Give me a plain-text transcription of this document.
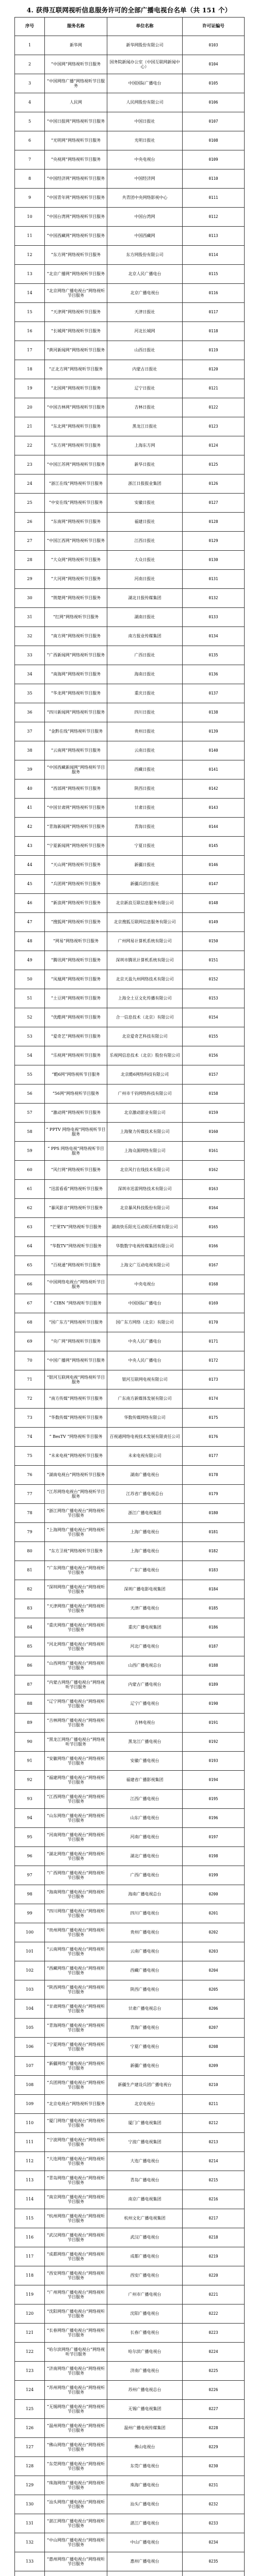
4. 获得互联网视听信息服务许可的全部广播电视台名单（共 151 个）
序号	服务名称	单位名称	许可证编号
1	新华网	新华网股份有限公司	0103
2	“中国网”网络视听节目服务	国务院新闻办公室（中国互联网新闻中心）	0104
3	“中国网络广播”网络视听节目服务	中国国际广播电台	0105
4	人民网	人民网股份有限公司	0106
5	“中国日报网”网络视听节目服务	中国日报社	0107
6	“光明网”网络视听节目服务	光明日报社	0108
7	“央视网”网络视听节目服务	中央电视台	0109
8	“中国经济网”网络视听节目服务	中国经济网	0110
9	“中国青年网”网络视听节目服务	共青团中央网络影视中心	0111
10	“中国台湾网”网络视听节目服务	中国台湾网	0112
11	“中国西藏网”网络视听节目服务	中国西藏网	0113
12	“东方网”网络视听节目服务	东方网股份有限公司	0114
13	“北京广播网”网络视听节目服务	北京人民广播电台	0115
14	“北京网络广播电视台”网络视听节目服务	北京广播电视台	0116
15	“天津网”网络视听节目服务	天津日报社	0117
16	“长城网”网络视听节目服务	河北长城网	0118
17	“黄河新闻网”网络视听节目服务	山西日报社	0119
18	“正北方网”网络视听节目服务	内蒙古日报社	0120
19	“北国网”网络视听节目服务	辽宁日报社	0121
20	“中国吉林网”网络视听节目服务	吉林日报社	0122
21	“东北网”网络视听节目服务	黑龙江日报社	0123
22	“东方网”网络视听节目服务	上海东方网	0124
23	“中国江苏网”网络视听节目服务	新华日报社	0125
24	“浙江在线”网络视听节目服务	浙江日报报业集团	0126
25	“中安在线”网络视听节目服务	安徽日报社	0127
26	“东南网”网络视听节目服务	福建日报社	0128
27	“中国江西网”网络视听节目服务	江西日报社	0129
28	“大众网”网络视听节目服务	大众日报社	0130
29	“大河网”网络视听节目服务	河南日报社	0131
30	“荆楚网”网络视听节目服务	湖北日报传媒集团	0132
31	“红网”网络视听节目服务	湖南日报社	0133
32	“南方网”网络视听节目服务	南方报业传媒集团	0134
33	“广西新闻网”网络视听节目服务	广西日报社	0135
34	“南海网”网络视听节目服务	海南日报社	0136
35	“华龙网”网络视听节目服务	重庆日报社	0137
36	“四川新闻网”网络视听节目服务	四川日报社	0138
37	“金黔在线”网络视听节目服务	贵州日报社	0139
38	“云南网”网络视听节目服务	云南日报社	0140
39	“中国西藏新闻网”网络视听节目服务	西藏日报社	0141
40	“西部网”网络视听节目服务	陕西日报社	0142
41	“中国甘肃网”网络视听节目服务	甘肃日报社	0143
42	“青海新闻网”网络视听节目服务	青海日报社	0144
43	“宁夏新闻网”网络视听节目服务	宁夏日报社	0145
44	“天山网”网络视听节目服务	新疆日报社	0146
45	“兵团网”网络视听节目服务	新疆兵团日报社	0147
46	“新浪网”网络视听节目服务	北京新浪互联信息服务有限公司	0148
47	“搜狐网”网络视听节目服务	北京搜狐互联网信息服务有限公司	0149
48	“网易”网络视听节目服务	广州网易计算机系统有限公司	0150
49	“腾讯网”网络视听节目服务	深圳市腾讯计算机系统有限公司	0151
50	“凤凰网”网络视听节目服务	北京天盈九州网络技术有限公司	0152
51	“土豆网”网络视听节目服务	上海全土豆文化传播有限公司	0153
52	“优酷网”网络视听节目服务	合一信息技术（北京）有限公司	0154
53	“爱奇艺”网络视听节目服务	北京爱奇艺科技有限公司	0155
54	“乐视网”网络视听节目服务	乐视网信息技术（北京）股份有限公司	0156
55	“酷6网”网络视听节目服务	北京酷6网络科技有限公司	0157
56	“56网”网络视听节目服务	广州市千钧网络科技有限公司	0158
57	“激动网”网络视听节目服务	北京激动影业有限公司	0159
58	“ PPTV 网络电视”网络视听节目服务	上海聚力传媒技术有限公司	0160
59	“ PPS 网络电视”网络视听节目服务	上海众源网络有限公司	0161
60	“风行网”网络视听节目服务	北京风行在线技术有限公司	0162
61	“迅雷看看”网络视听节目服务	深圳市迅雷网络技术有限公司	0163
62	“暴风影音”网络视听节目服务	北京暴风科技股份有限公司	0164
63	“芒果TV”网络视听节目服务	湖南快乐阳光互动娱乐传媒有限公司	0165
64	“华数TV”网络视听节目服务	华数数字电视传媒集团有限公司	0166
65	“百视通”网络视听节目服务	上海文广互动电视有限公司	0167
66	“中国网络电视台”网络视听节目服务	中央电视台	0168
67	“ CIBN ”网络视听节目服务	中国国际广播电台	0169
68	“国广东方”网络视听节目服务	国广东方网络（北京）有限公司	0170
69	“央广网”网络视听节目服务	中央人民广播电台	0171
70	“中国广播网”网络视听节目服务	中央人民广播电台	0172
71	“银河互联网电视”网络视听节目服务	银河互联网电视有限公司	0173
72	“南方传媒”网络视听节目服务	广东南方新媒体发展有限公司	0174
73	“华数传媒”网络视听节目服务	华数传媒网络有限公司	0175
74	“ BesTV ”网络视听节目服务	百视通网络电视技术发展有限责任公司	0176
75	“未来电视”网络视听节目服务	未来电视有限公司	0177
76	“湖南电视台”网络视听节目服务	湖南广播电视台	0178
77	“江苏网络电视台”网络视听节目服务	江苏省广播电视总台	0179
78	“浙江网络广播电视台”网络视听节目服务	浙江广播电视集团	0180
79	“上海网络广播电视台”网络视听节目服务	上海广播电视台	0181
80	“东方卫视”网络视听节目服务	上海广播电视台	0182
81	“广东网络广播电视台”网络视听节目服务	广东广播电视台	0183
82	“深圳网络广播电视台”网络视听节目服务	深圳广播电影电视集团	0184
83	“天津网络广播电视台”网络视听节目服务	天津广播电视台	0185
84	“重庆网络广播电视台”网络视听节目服务	重庆广播电视集团	0186
85	“河北网络广播电视台”网络视听节目服务	河北广播电视台	0187
86	“山西网络广播电视台”网络视听节目服务	山西广播电视总台	0188
87	“内蒙古网络广播电视台”网络视听节目服务	内蒙古广播电视台	0189
88	“辽宁网络广播电视台”网络视听节目服务	辽宁广播电视台	0190
89	“吉林网络广播电视台”网络视听节目服务	吉林电视台	0191
90	“黑龙江网络广播电视台”网络视听节目服务	黑龙江广播电视台	0192
91	“安徽网络广播电视台”网络视听节目服务	安徽广播电视台	0193
92	“福建网络广播电视台”网络视听节目服务	福建省广播影视集团	0194
93	“江西网络广播电视台”网络视听节目服务	江西广播电视台	0195
94	“山东网络广播电视台”网络视听节目服务	山东广播电视台	0196
95	“河南网络广播电视台”网络视听节目服务	河南广播电视台	0197
96	“湖北网络广播电视台”网络视听节目服务	湖北广播电视台	0198
97	“广西网络广播电视台”网络视听节目服务	广西广播电视台	0199
98	“海南网络广播电视台”网络视听节目服务	海南广播电视总台	0200
99	“四川网络广播电视台”网络视听节目服务	四川广播电视台	0201
100	“贵州网络广播电视台”网络视听节目服务	贵州广播电视台	0202
101	“云南网络广播电视台”网络视听节目服务	云南广播电视台	0203
102	“西藏网络广播电视台”网络视听节目服务	西藏广播电视台	0204
103	“陕西网络广播电视台”网络视听节目服务	陕西广播电视台	0205
104	“甘肃网络广播电视台”网络视听节目服务	甘肃广播电视总台	0206
105	“青海网络广播电视台”网络视听节目服务	青海广播电视台	0207
106	“宁夏网络广播电视台”网络视听节目服务	宁夏广播电视台	0208
107	“新疆网络广播电视台”网络视听节目服务	新疆广播电视台	0209
108	“兵团网络广播电视台”网络视听节目服务	新疆生产建设兵团广播电视台	0210
109	“北京电视台”网络视听节目服务	北京电视台	0211
110	“厦门网络广播电视台”网络视听节目服务	厦门广播电视集团	0212
111	“宁波网络广播电视台”网络视听节目服务	宁波广播电视集团	0213
112	“大连网络广播电视台”网络视听节目服务	大连广播电视台	0214
113	“青岛网络广播电视台”网络视听节目服务	青岛广播电视台	0215
114	“南京网络广播电视台”网络视听节目服务	南京广播电视集团	0216
115	“杭州网络广播电视台”网络视听节目服务	杭州文化广播电视集团	0217
116	“武汉网络广播电视台”网络视听节目服务	武汉广播电视台	0218
117	“成都网络广播电视台”网络视听节目服务	成都广播电视台	0219
118	“西安网络广播电视台”网络视听节目服务	西安广播电视台	0220
119	“广州网络广播电视台”网络视听节目服务	广州市广播电视台	0221
120	“沈阳网络广播电视台”网络视听节目服务	沈阳广播电视台	0222
121	“长春网络广播电视台”网络视听节目服务	长春广播电视台	0223
122	“哈尔滨网络广播电视台”网络视听节目服务	哈尔滨广播电视台	0224
123	“济南网络广播电视台”网络视听节目服务	济南广播电视台	0225
124	“苏州网络广播电视台”网络视听节目服务	苏州广播电视总台	0226
125	“无锡网络广播电视台”网络视听节目服务	无锡广播电视集团	0227
126	“温州网络广播电视台”网络视听节目服务	温州广播电视传媒集团	0228
127	“佛山网络广播电视台”网络视听节目服务	佛山电视台	0229
128	“东莞网络广播电视台”网络视听节目服务	东莞广播电视台	0230
129	“珠海网络广播电视台”网络视听节目服务	珠海广播电视台	0231
130	“汕头网络广播电视台”网络视听节目服务	汕头广播电视台	0232
131	“湛江网络广播电视台”网络视听节目服务	湛江广播电视台	0233
132	“中山网络广播电视台”网络视听节目服务	中山广播电视台	0234
133	“惠州网络广播电视台”网络视听节目服务	惠州广播电视台	0235
